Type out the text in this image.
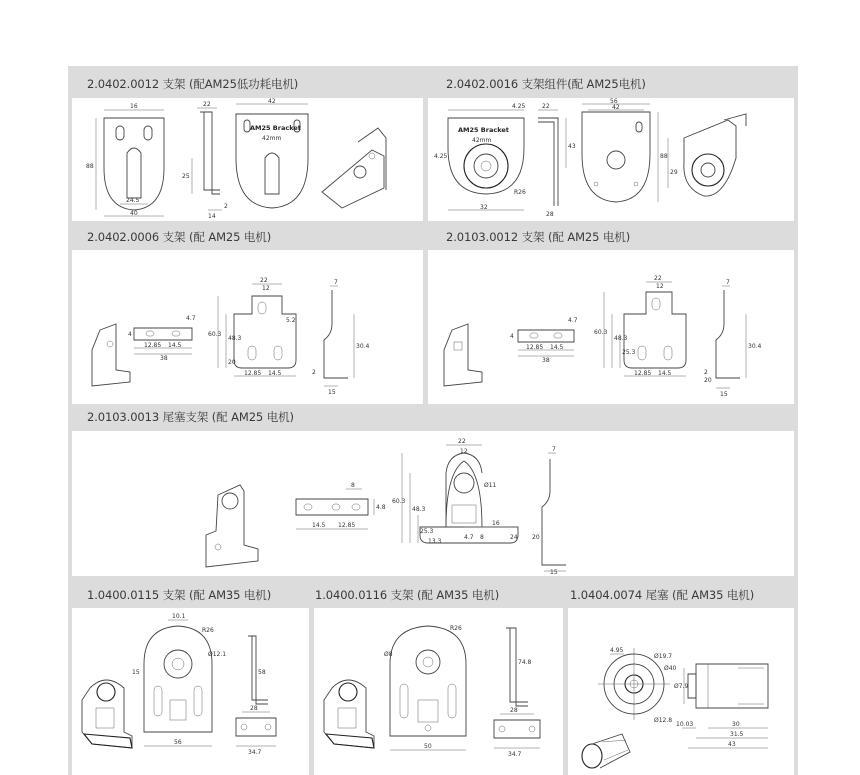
2.0402.0012 支架 (配AM25低功耗电机)	2.0402.0016 支架组件(配 AM25电机)
16
88
24.5
40
22
25
14
2
AM25 Bracket
42mm
42
AM25 Bracket
42mm
32
4.25
R26
4.25	22
43
28
56
42
88
29
2.0402.0006 支架 (配 AM25 电机)	2.0103.0012 支架 (配 AM25 电机)
12.85 14.5
38
4.7
4
22
12
60.3
48.3
5.2
12.85 14.5
20
7
30.4
15
2
12.85 14.5
38
4.7
4
22
12
60.3
48.3
25.3
12.85 14.5
7
30.4
15
2
20
2.0103.0013 尾塞支架 (配 AM25 电机)
8
4.8
14.5 12.85
22
12
Ø11
60.3
48.3
25.3
13.3
16
4.7 8	24
7
15
20
1.0400.0115 支架 (配 AM35 电机)	1.0400.0116 支架 (配 AM35 电机)	1.0404.0074 尾塞 (配 AM35 电机)
10.1
R26
Ø12.1
15
56
58
28
34.7
R26
Ø8
50
74.8
28
34.7
4.95
Ø19.7
Ø40
Ø12.8
Ø7.9
10.03	30
31.5
43
